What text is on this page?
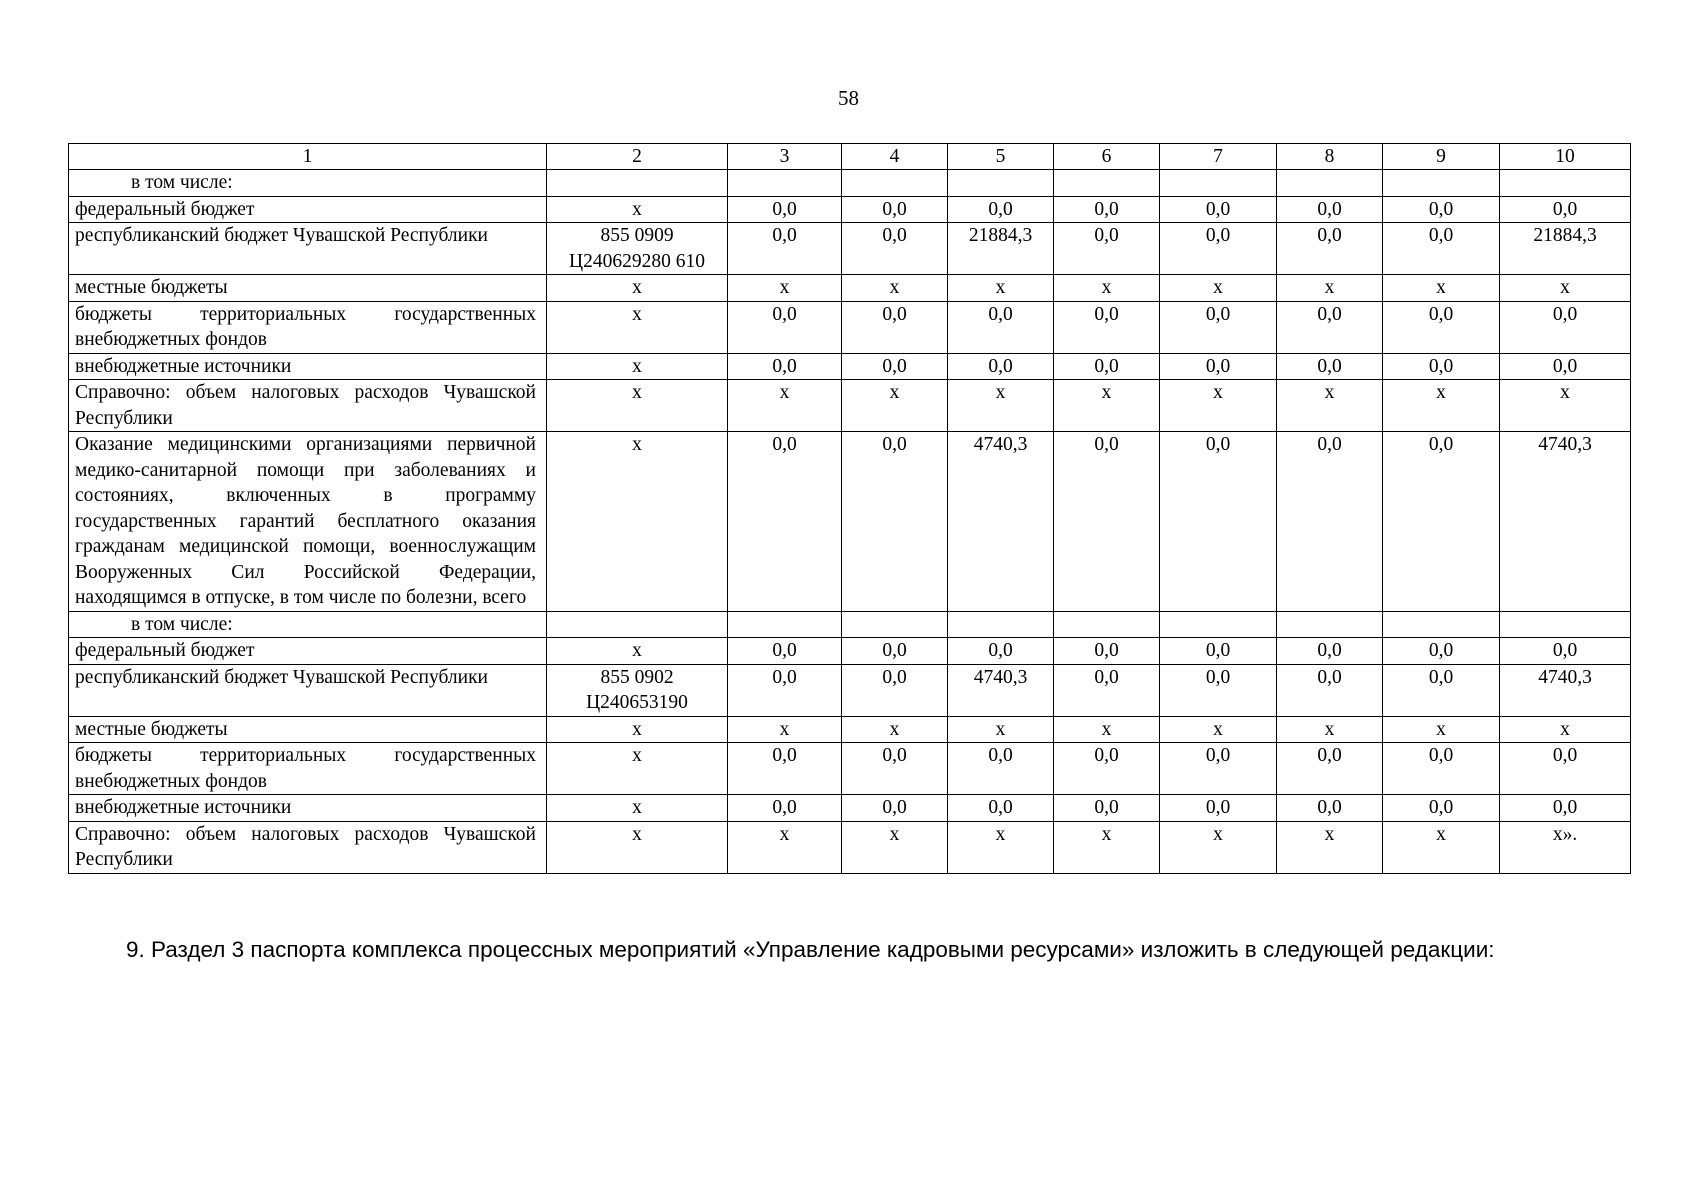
58
1	2	3	4	5	6	7	8	9	10
в том числе:									
федеральный бюджет	х	0,0	0,0	0,0	0,0	0,0	0,0	0,0	0,0
республиканский бюджет Чувашской Республики	855 0909 Ц240629280 610	0,0	0,0	21884,3	0,0	0,0	0,0	0,0	21884,3
местные бюджеты	х	х	х	х	х	х	х	х	х
бюджеты территориальных государственных внебюджетных фондов	х	0,0	0,0	0,0	0,0	0,0	0,0	0,0	0,0
внебюджетные источники	х	0,0	0,0	0,0	0,0	0,0	0,0	0,0	0,0
Справочно: объем налоговых расходов Чувашской Республики	х	х	х	х	х	х	х	х	х
Оказание медицинскими организациями первичной медико-санитарной помощи при заболеваниях и состояниях, включенных в программу государственных гарантий бесплатного оказания гражданам медицинской помощи, военнослужащим Вооруженных Сил Российской Федерации, находящимся в отпуске, в том числе по болезни, всего	х	0,0	0,0	4740,3	0,0	0,0	0,0	0,0	4740,3
в том числе:									
федеральный бюджет	х	0,0	0,0	0,0	0,0	0,0	0,0	0,0	0,0
республиканский бюджет Чувашской Республики	855 0902 Ц240653190	0,0	0,0	4740,3	0,0	0,0	0,0	0,0	4740,3
местные бюджеты	х	х	х	х	х	х	х	х	х
бюджеты территориальных государственных внебюджетных фондов	х	0,0	0,0	0,0	0,0	0,0	0,0	0,0	0,0
внебюджетные источники	х	0,0	0,0	0,0	0,0	0,0	0,0	0,0	0,0
Справочно: объем налоговых расходов Чувашской Республики	х	х	х	х	х	х	х	х	х».
9. Раздел 3 паспорта комплекса процессных мероприятий «Управление кадровыми ресурсами» изложить в следующей редакции:
